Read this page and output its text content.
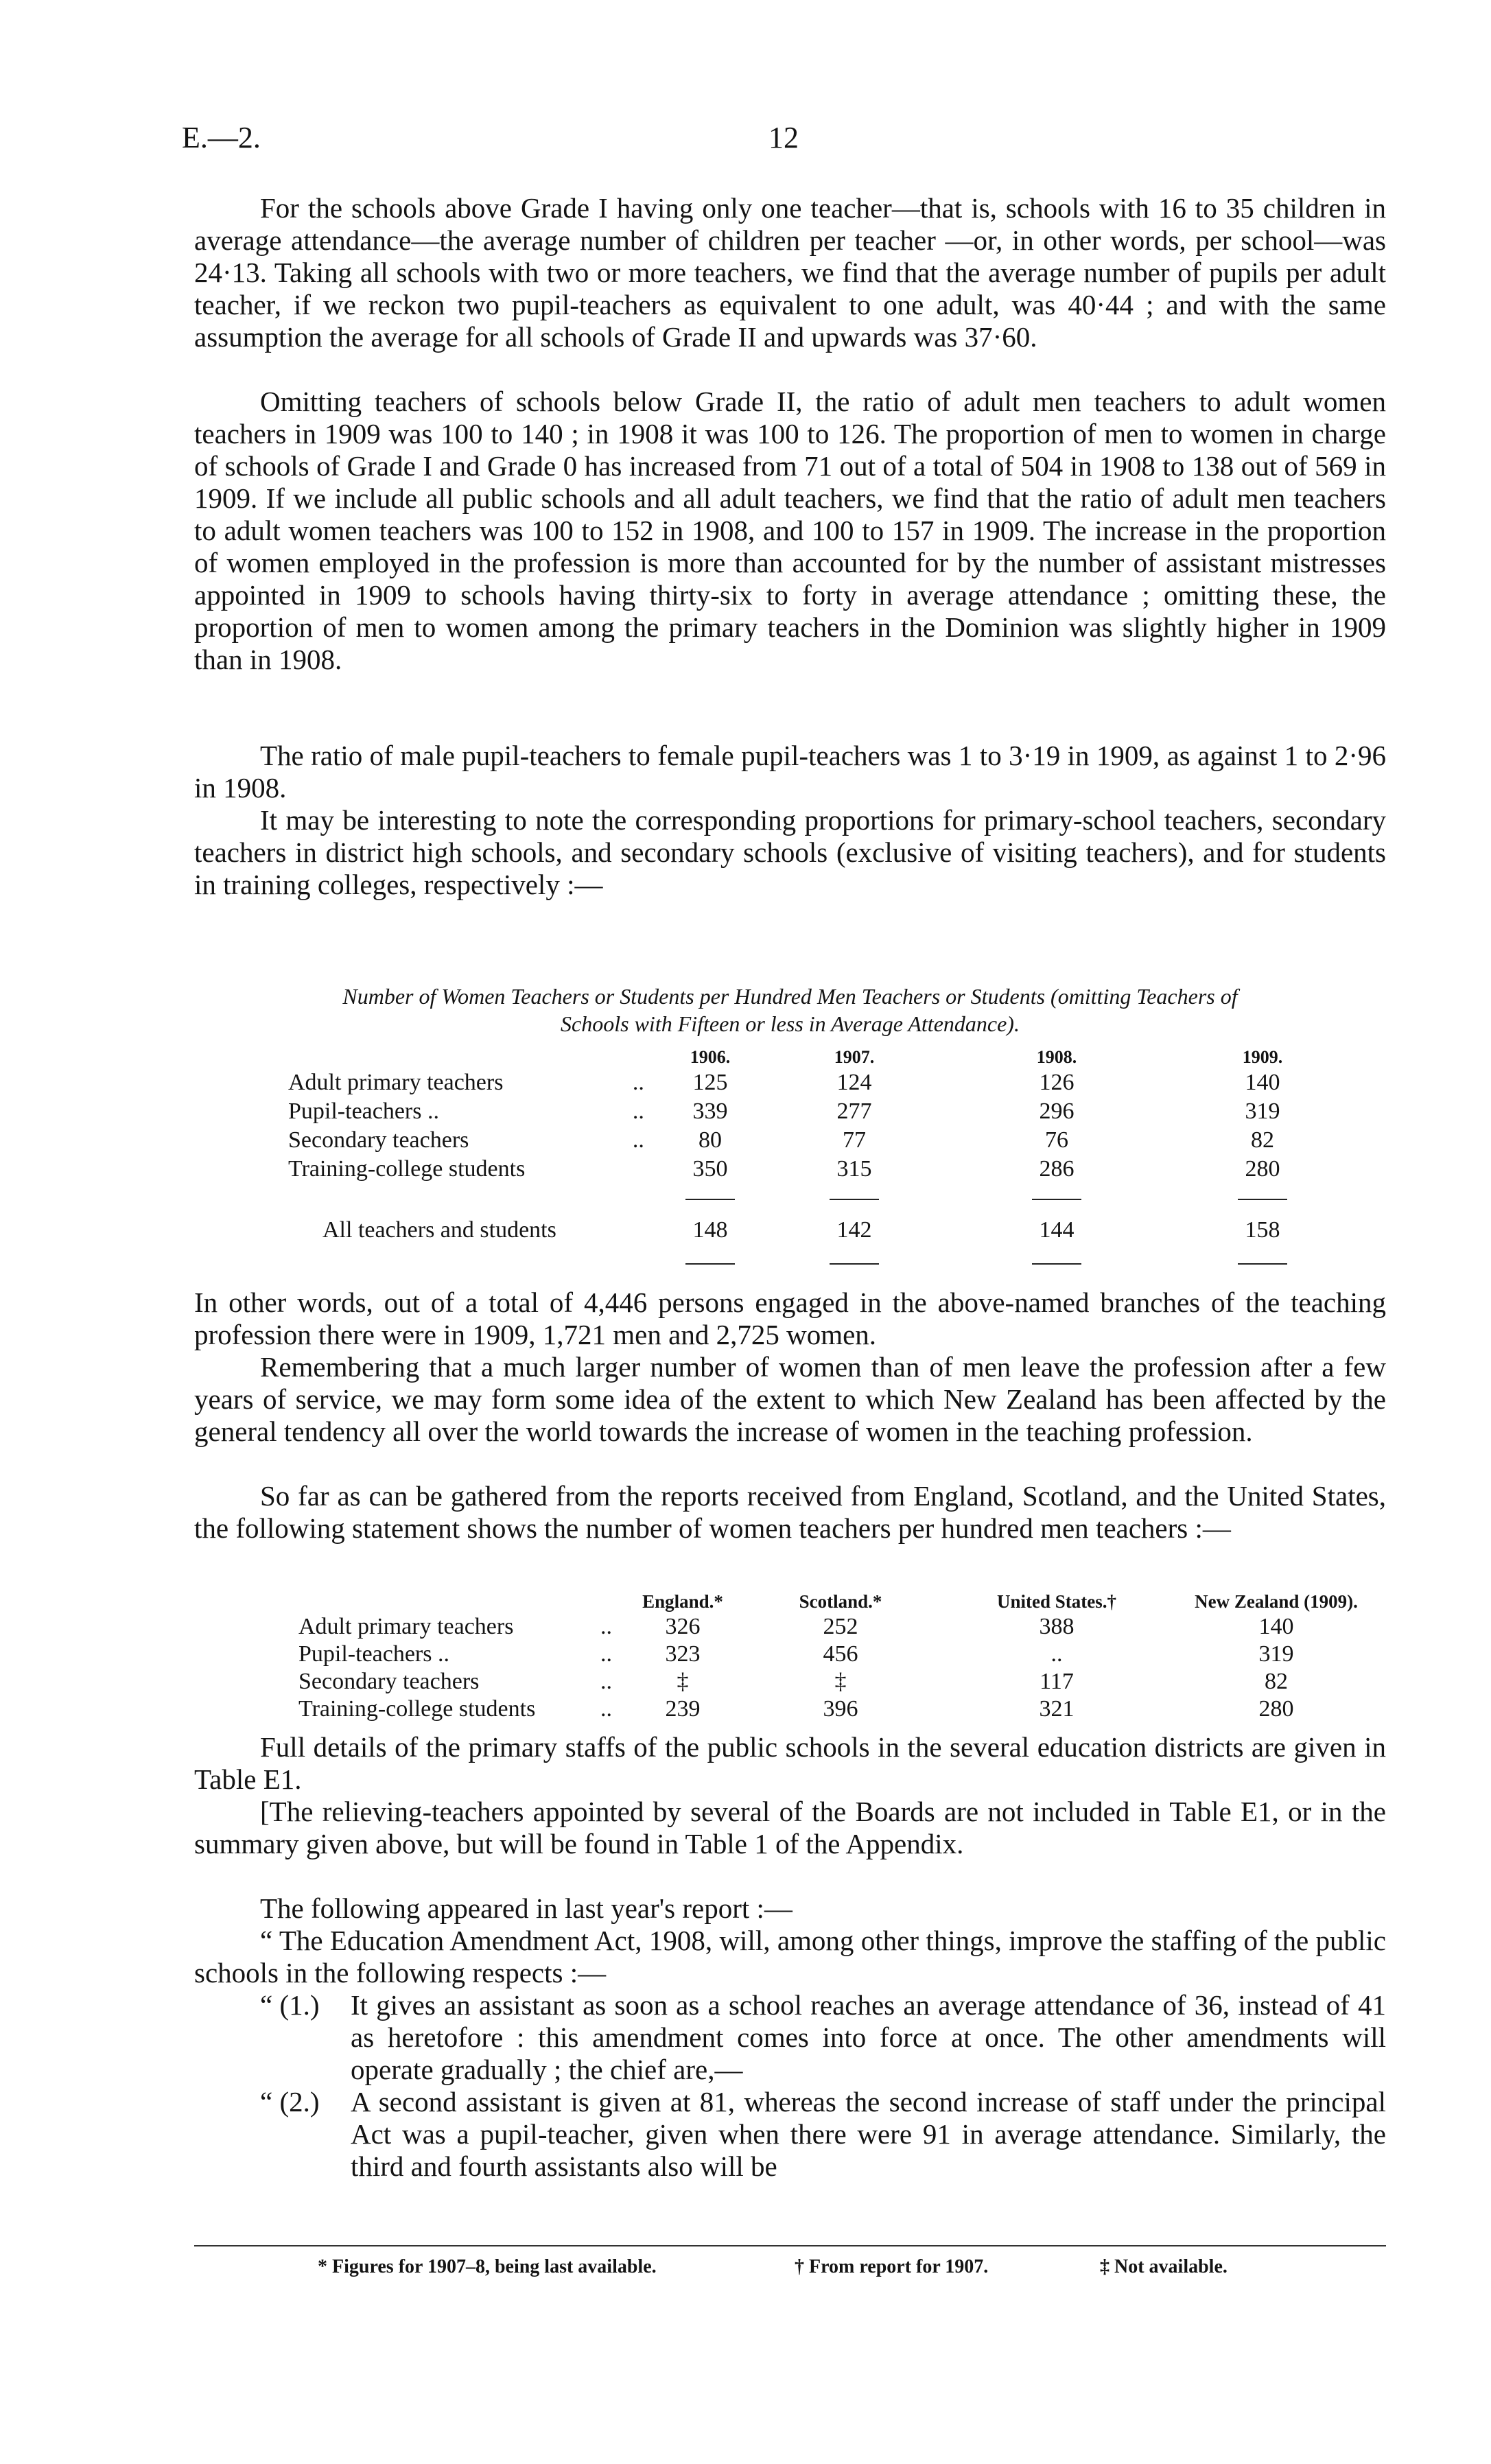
E.—2.	12

For the schools above Grade I having only one teacher—that is, schools with 16 to 35 children in average attendance—the average number of children per teacher —or, in other words, per school—was 24·13. Taking all schools with two or more teachers, we find that the average number of pupils per adult teacher, if we reckon two pupil-teachers as equivalent to one adult, was 40·44 ; and with the same assumption the average for all schools of Grade II and upwards was 37·60.

Omitting teachers of schools below Grade II, the ratio of adult men teachers to adult women teachers in 1909 was 100 to 140 ; in 1908 it was 100 to 126. The proportion of men to women in charge of schools of Grade I and Grade 0 has increased from 71 out of a total of 504 in 1908 to 138 out of 569 in 1909. If we include all public schools and all adult teachers, we find that the ratio of adult men teachers to adult women teachers was 100 to 152 in 1908, and 100 to 157 in 1909. The increase in the proportion of women employed in the profession is more than accounted for by the number of assistant mistresses appointed in 1909 to schools having thirty-six to forty in average attendance ; omitting these, the proportion of men to women among the primary teachers in the Dominion was slightly higher in 1909 than in 1908.

The ratio of male pupil-teachers to female pupil-teachers was 1 to 3·19 in 1909, as against 1 to 2·96 in 1908.

It may be interesting to note the corresponding proportions for primary-school teachers, secondary teachers in district high schools, and secondary schools (exclusive of visiting teachers), and for students in training colleges, respectively :—

Number of Women Teachers or Students per Hundred Men Teachers or Students (omitting Teachers of
Schools with Fifteen or less in Average Attendance).
		1906.	1907.	1908.	1909.
Adult primary teachers	..	125	124	126	140
Pupil-teachers ..	..	339	277	296	319
Secondary teachers	..	80	77	76	82
Training-college students		350	315	286	280

All teachers and students		148	142	144	158

In other words, out of a total of 4,446 persons engaged in the above-named branches of the teaching profession there were in 1909, 1,721 men and 2,725 women.

Remembering that a much larger number of women than of men leave the profession after a few years of service, we may form some idea of the extent to which New Zealand has been affected by the general tendency all over the world towards the increase of women in the teaching profession.

So far as can be gathered from the reports received from England, Scotland, and the United States, the following statement shows the number of women teachers per hundred men teachers :—

		England.*	Scotland.*	United States.†	New Zealand (1909).
Adult primary teachers	..	326	252	388	140
Pupil-teachers ..	..	323	456	..	319
Secondary teachers	..	‡	‡	117	82
Training-college students	..	239	396	321	280

Full details of the primary staffs of the public schools in the several education districts are given in Table E1.

[The relieving-teachers appointed by several of the Boards are not included in Table E1, or in the summary given above, but will be found in Table 1 of the Appendix.

The following appeared in last year's report :—

“ The Education Amendment Act, 1908, will, among other things, improve the staffing of the public schools in the following respects :—

“ (1.) It gives an assistant as soon as a school reaches an average attendance of 36, instead of 41 as heretofore : this amendment comes into force at once. The other amendments will operate gradually ; the chief are,—
“ (2.) A second assistant is given at 81, whereas the second increase of staff under the principal Act was a pupil-teacher, given when there were 91 in average attendance. Similarly, the third and fourth assistants also will be
* Figures for 1907–8, being last available.	† From report for 1907.	‡ Not available.
